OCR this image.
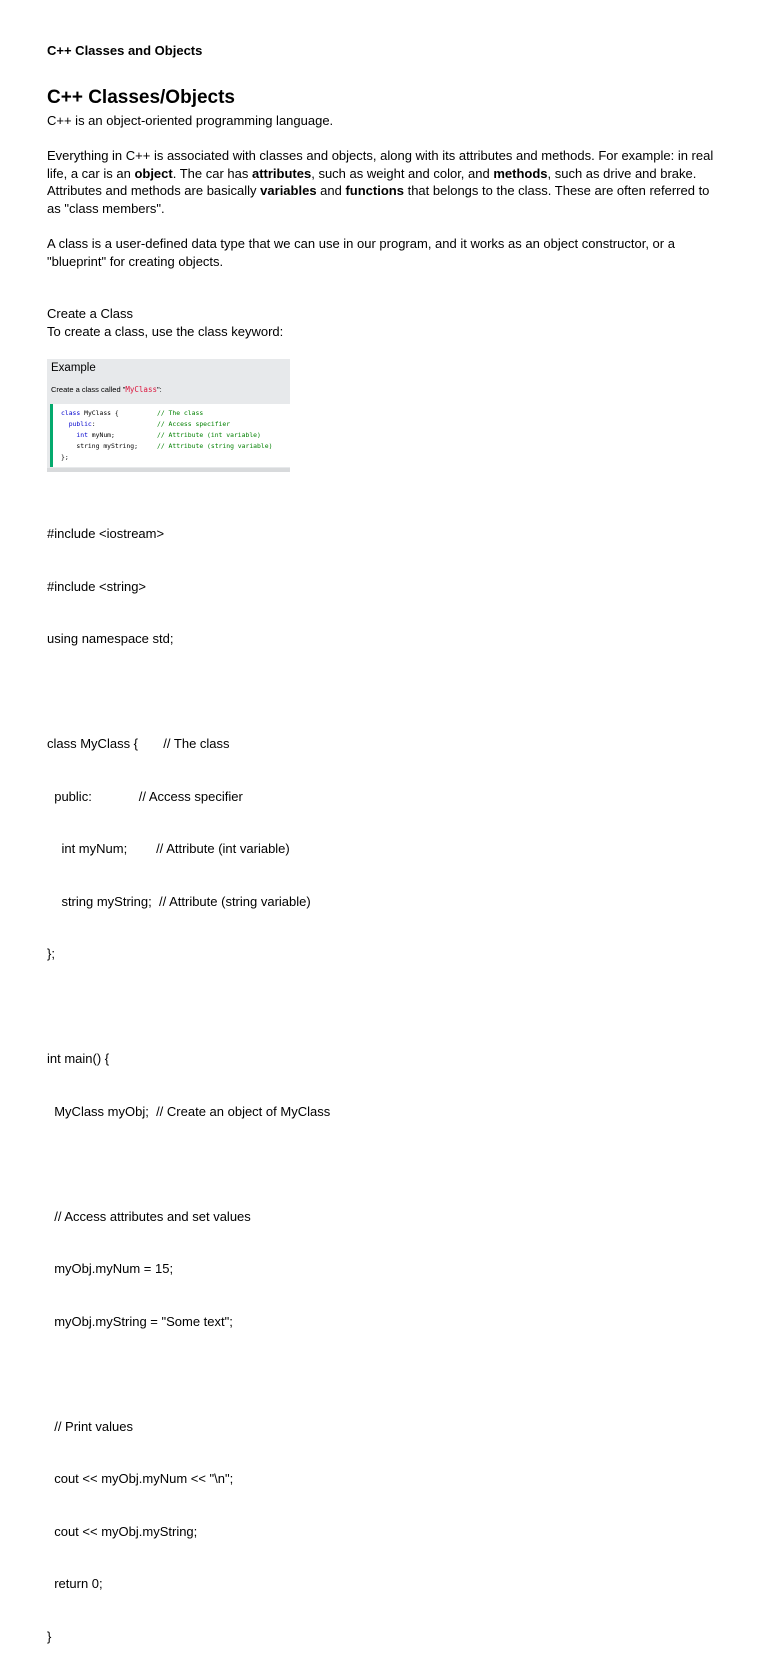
C++ Classes and Objects
C++ Classes/Objects

C++ is an object-oriented programming language.

Everything in C++ is associated with classes and objects, along with its attributes and methods. For example: in real life, a car is an object. The car has attributes, such as weight and color, and methods, such as drive and brake. Attributes and methods are basically variables and functions that belongs to the class. These are often referred to as "class members".

A class is a user-defined data type that we can use in our program, and it works as an object constructor, or a "blueprint" for creating objects.

Create a Class

To create a class, use the class keyword:

Example
Create a class called "MyClass":
class MyClass {	// The class
public:	// Access specifier
int myNum;	// Attribute (int variable)
string myString;	// Attribute (string variable)
};

#include <iostream>

#include <string>

using namespace std;

class MyClass {       // The class

public:             // Access specifier

int myNum;        // Attribute (int variable)

string myString;  // Attribute (string variable)

};

int main() {

MyClass myObj;  // Create an object of MyClass

// Access attributes and set values

myObj.myNum = 15;

myObj.myString = "Some text";

// Print values

cout << myObj.myNum << "\n";

cout << myObj.myString;

return 0;

}
